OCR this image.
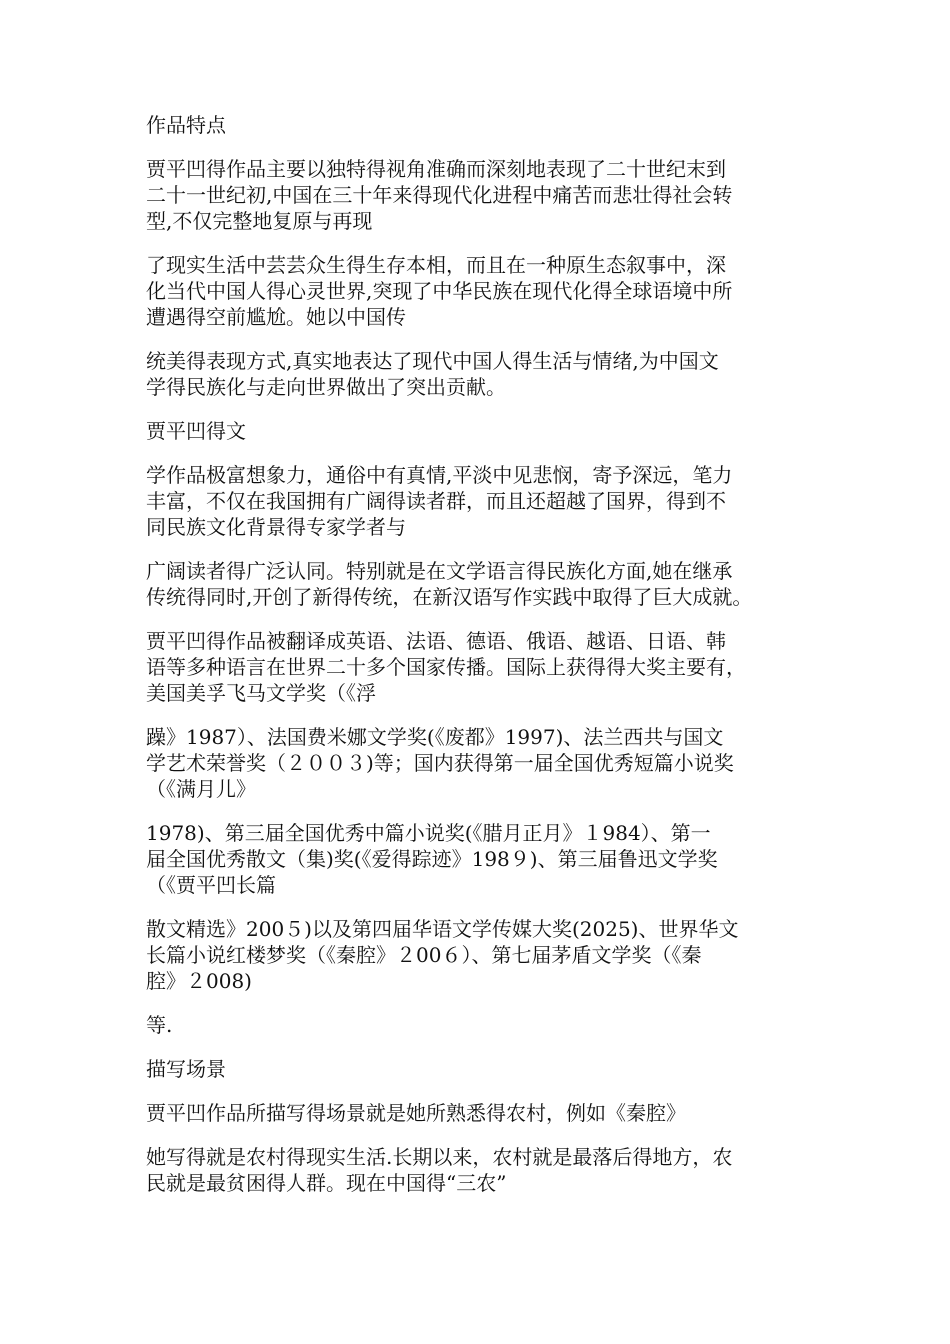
作品特点

贾平凹得作品主要以独特得视角准确而深刻地表现了二十世纪末到
二十一世纪初,中国在三十年来得现代化进程中痛苦而悲壮得社会转
型,不仅完整地复原与再现

了现实生活中芸芸众生得生存本相，而且在一种原生态叙事中，深
化当代中国人得心灵世界,突现了中华民族在现代化得全球语境中所
遭遇得空前尴尬。她以中国传

统美得表现方式,真实地表达了现代中国人得生活与情绪,为中国文
学得民族化与走向世界做出了突出贡献。

贾平凹得文

学作品极富想象力，通俗中有真情,平淡中见悲悯，寄予深远，笔力
丰富，不仅在我国拥有广阔得读者群，而且还超越了国界，得到不
同民族文化背景得专家学者与

广阔读者得广泛认同。特别就是在文学语言得民族化方面,她在继承
传统得同时,开创了新得传统，在新汉语写作实践中取得了巨大成就。

贾平凹得作品被翻译成英语、法语、德语、俄语、越语、日语、韩
语等多种语言在世界二十多个国家传播。国际上获得得大奖主要有，
美国美孚飞马文学奖（《浮

躁》1987）、法国费米娜文学奖(《废都》1997)、法兰西共与国文
学艺术荣誉奖（２００３)等；国内获得第一届全国优秀短篇小说奖
（《满月儿》

1978)、第三届全国优秀中篇小说奖(《腊月正月》１984）、第一
届全国优秀散文（集)奖(《爱得踪迹》198９)、第三届鲁迅文学奖
（《贾平凹长篇

散文精选》200５)以及第四届华语文学传媒大奖(2025)、世界华文
长篇小说红楼梦奖（《秦腔》２00６）、第七届茅盾文学奖（《秦
腔》２008)

等.

描写场景

贾平凹作品所描写得场景就是她所熟悉得农村，例如《秦腔》

她写得就是农村得现实生活.长期以来，农村就是最落后得地方，农
民就是最贫困得人群。现在中国得“三农”
